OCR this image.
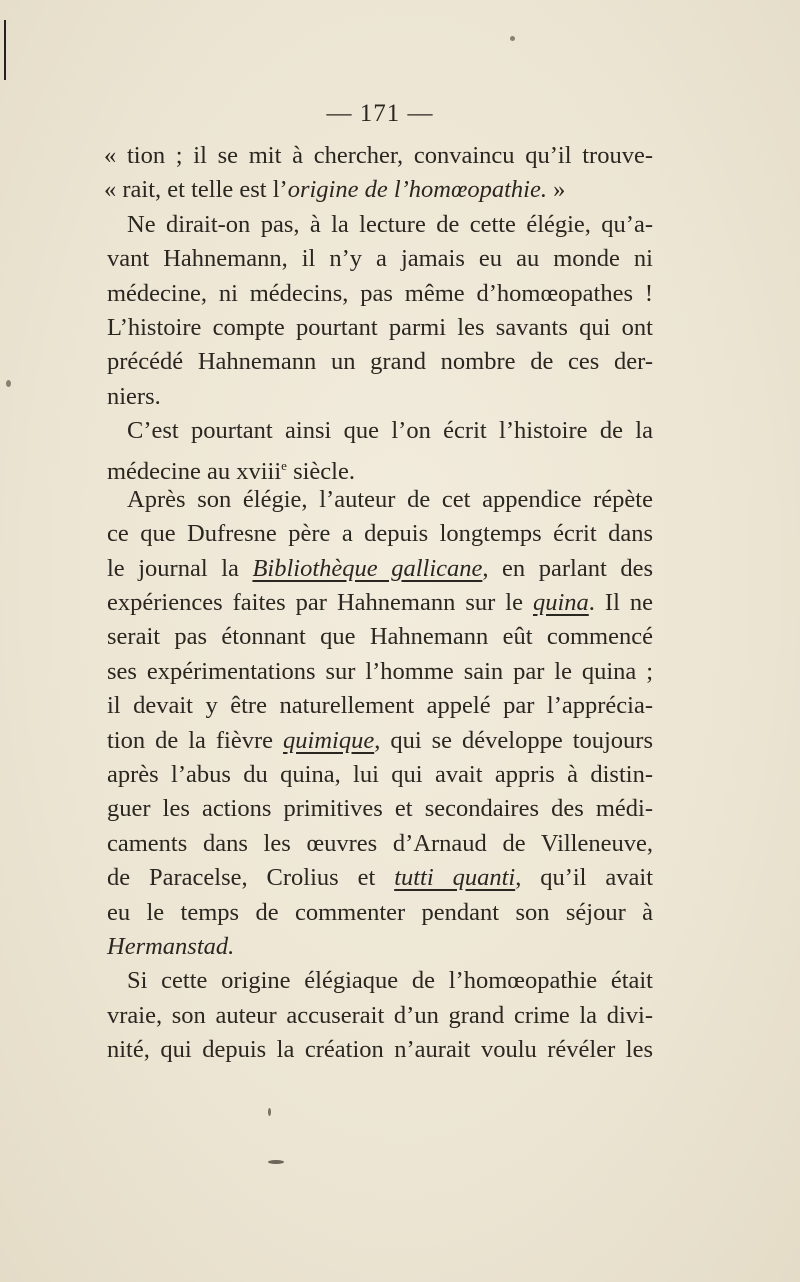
— 171 —
« tion ; il se mit à chercher, convaincu qu’il trouve-
« rait, et telle est l’origine de l’homœopathie. »
Ne dirait-on pas, à la lecture de cette élégie, qu’a-
vant Hahnemann, il n’y a jamais eu au monde ni
médecine, ni médecins, pas même d’homœopathes !
L’histoire compte pourtant parmi les savants qui ont
précédé Hahnemann un grand nombre de ces der-
niers.
C’est pourtant ainsi que l’on écrit l’histoire de la
médecine au xviii$^e$ siècle.
Après son élégie, l’auteur de cet appendice répète
ce que Dufresne père a depuis longtemps écrit dans
le journal la Bibliothèque gallicane, en parlant des
expériences faites par Hahnemann sur le quina. Il ne
serait pas étonnant que Hahnemann eût commencé
ses expérimentations sur l’homme sain par le quina ;
il devait y être naturellement appelé par l’apprécia-
tion de la fièvre quimique, qui se développe toujours
après l’abus du quina, lui qui avait appris à distin-
guer les actions primitives et secondaires des médi-
caments dans les œuvres d’Arnaud de Villeneuve,
de Paracelse, Crolius et tutti quanti, qu’il avait
eu le temps de commenter pendant son séjour à
Hermanstad.
Si cette origine élégiaque de l’homœopathie était
vraie, son auteur accuserait d’un grand crime la divi-
nité, qui depuis la création n’aurait voulu révéler les
